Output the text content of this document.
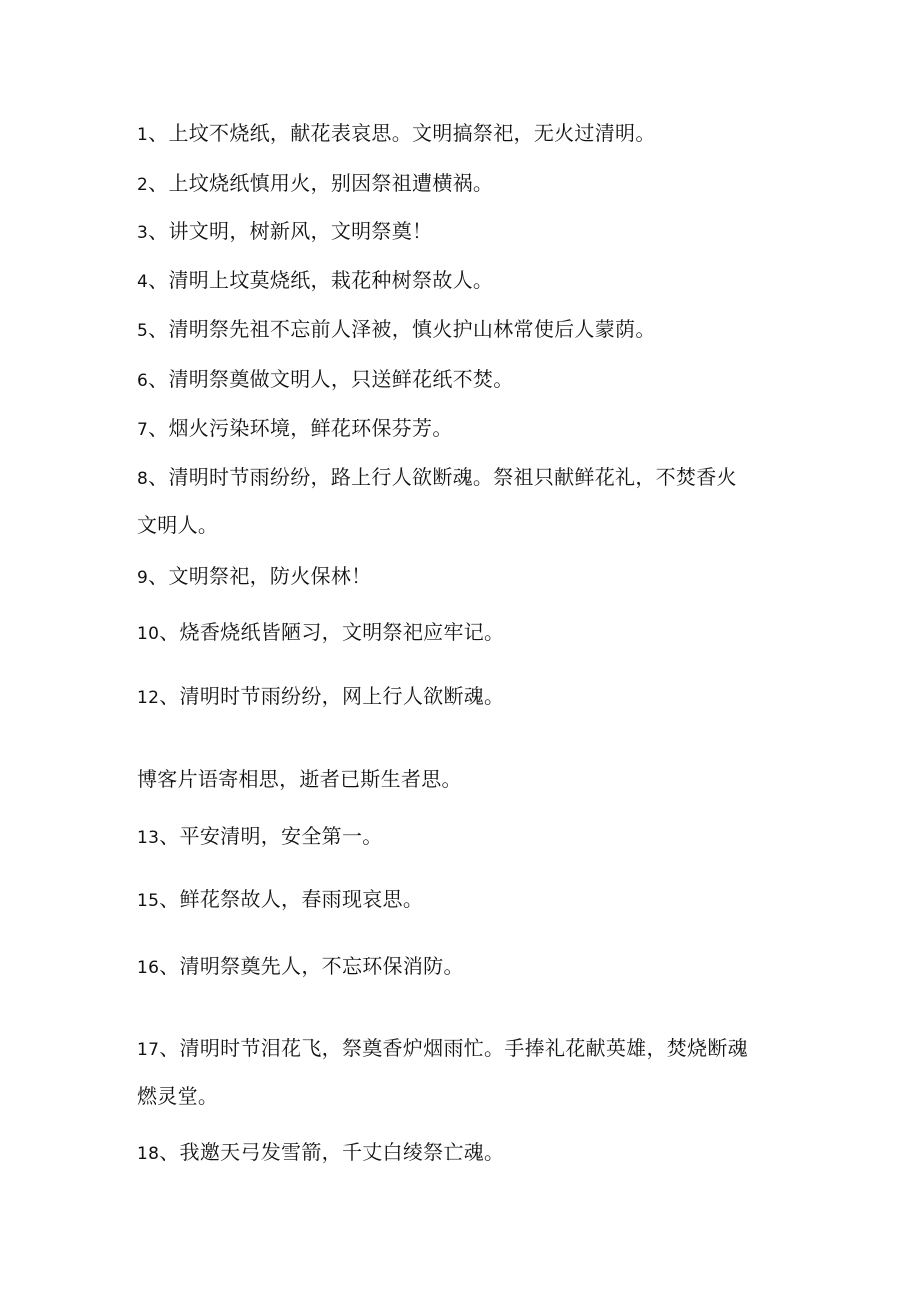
1、上坟不烧纸，献花表哀思。文明搞祭祀，无火过清明。
2、上坟烧纸慎用火，别因祭祖遭横祸。
3、讲文明，树新风，文明祭奠！
4、清明上坟莫烧纸，栽花种树祭故人。
5、清明祭先祖不忘前人泽被，慎火护山林常使后人蒙荫。
6、清明祭奠做文明人，只送鲜花纸不焚。
7、烟火污染环境，鲜花环保芬芳。
8、清明时节雨纷纷，路上行人欲断魂。祭祖只献鲜花礼，不焚香火
文明人。
9、文明祭祀，防火保林！
10、烧香烧纸皆陋习，文明祭祀应牢记。
12、清明时节雨纷纷，网上行人欲断魂。
博客片语寄相思，逝者已斯生者思。
13、平安清明，安全第一。
15、鲜花祭故人，春雨现哀思。
16、清明祭奠先人，不忘环保消防。
17、清明时节泪花飞，祭奠香炉烟雨忙。手捧礼花献英雄，焚烧断魂
燃灵堂。
18、我邀天弓发雪箭，千丈白绫祭亡魂。
